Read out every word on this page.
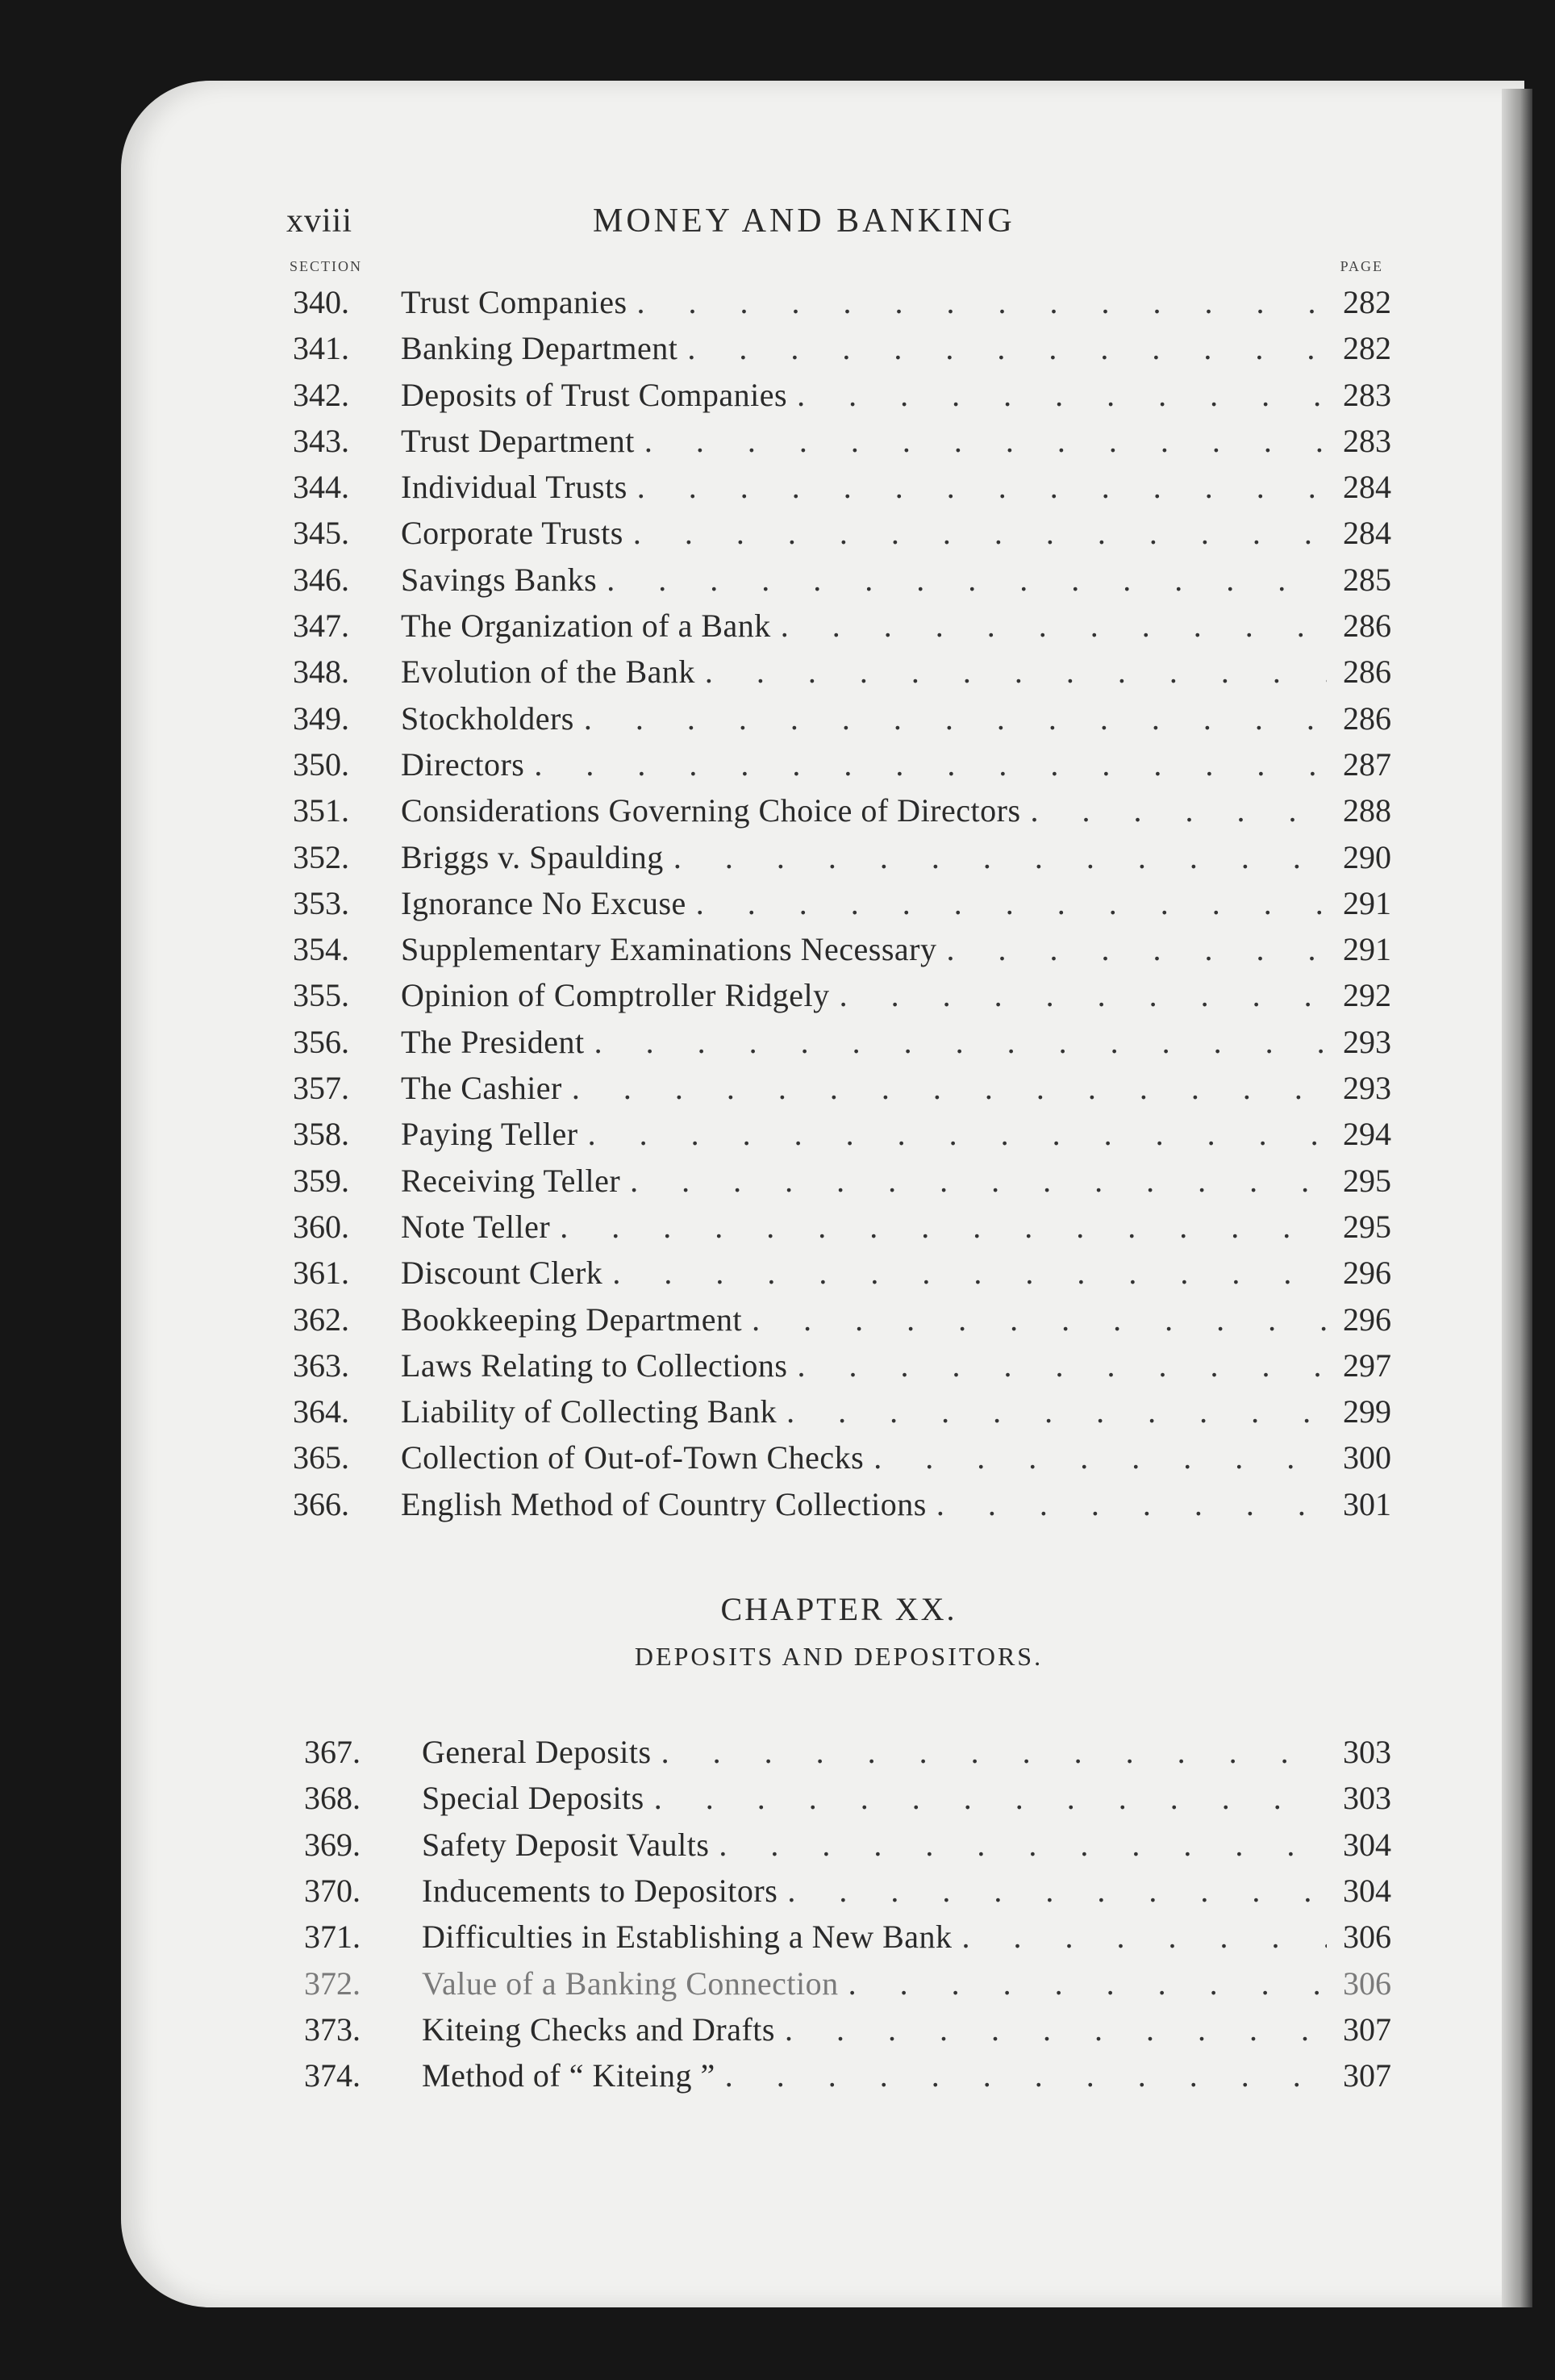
xviii	MONEY AND BANKING
SECTION	PAGE
340.	Trust Companies . . .	282
341.	Banking Department . . .	282
342.	Deposits of Trust Companies . . .	283
343.	Trust Department . . .	283
344.	Individual Trusts . . .	284
345.	Corporate Trusts . . .	284
346.	Savings Banks . . .	285
347.	The Organization of a Bank . . .	286
348.	Evolution of the Bank . . .	286
349.	Stockholders . . .	286
350.	Directors . . .	287
351.	Considerations Governing Choice of Directors . . .	288
352.	Briggs v. Spaulding . . .	290
353.	Ignorance No Excuse . . .	291
354.	Supplementary Examinations Necessary . . .	291
355.	Opinion of Comptroller Ridgely . . .	292
356.	The President . . .	293
357.	The Cashier . . .	293
358.	Paying Teller . . .	294
359.	Receiving Teller . . .	295
360.	Note Teller . . .	295
361.	Discount Clerk . . .	296
362.	Bookkeeping Department . . .	296
363.	Laws Relating to Collections . . .	297
364.	Liability of Collecting Bank . . .	299
365.	Collection of Out-of-Town Checks . . .	300
366.	English Method of Country Collections . . .	301
CHAPTER XX.
DEPOSITS AND DEPOSITORS.
367.	General Deposits . . .	303
368.	Special Deposits . . .	303
369.	Safety Deposit Vaults . . .	304
370.	Inducements to Depositors . . .	304
371.	Difficulties in Establishing a New Bank . . .	306
372.	Value of a Banking Connection . . .	306
373.	Kiteing Checks and Drafts . . .	307
374.	Method of “ Kiteing ” . . .	307
